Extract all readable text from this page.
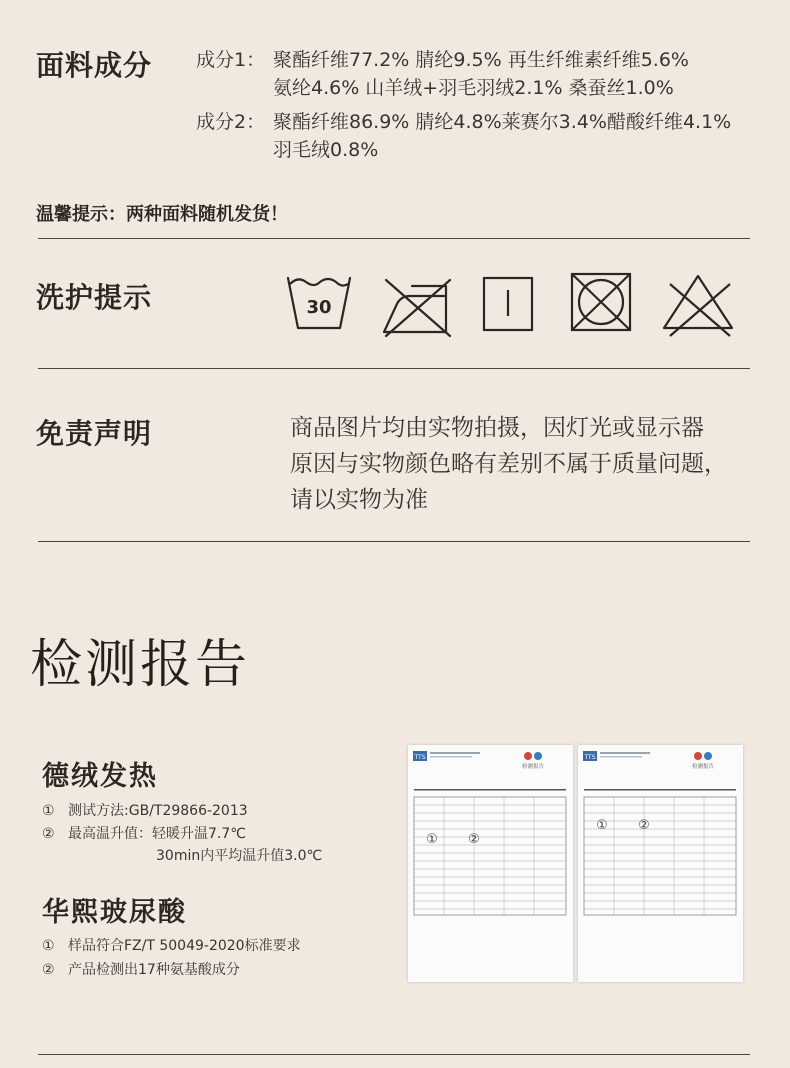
面料成分 成分1： 聚酯纤维77.2% 腈纶9.5% 再生纤维素纤维5.6%
氨纶4.6% 山羊绒+羽毛羽绒2.1% 桑蚕丝1.0%
成分2： 聚酯纤维86.9% 腈纶4.8%莱赛尔3.4%醋酸纤维4.1%
羽毛绒0.8%
温馨提示：两种面料随机发货！
洗护提示	30
免责声明	商品图片均由实物拍摄，因灯光或显示器
原因与实物颜色略有差别不属于质量问题，
请以实物为准
检测报告
德绒发热
① 测试方法:GB/T29866-2013
② 最高温升值：轻暖升温7.7℃
30min内平均温升值3.0℃
华熙玻尿酸
① 样品符合FZ/T 50049-2020标准要求
② 产品检测出17种氨基酸成分
TTS
检测报告
① ②
TTS
检测报告
① ②
